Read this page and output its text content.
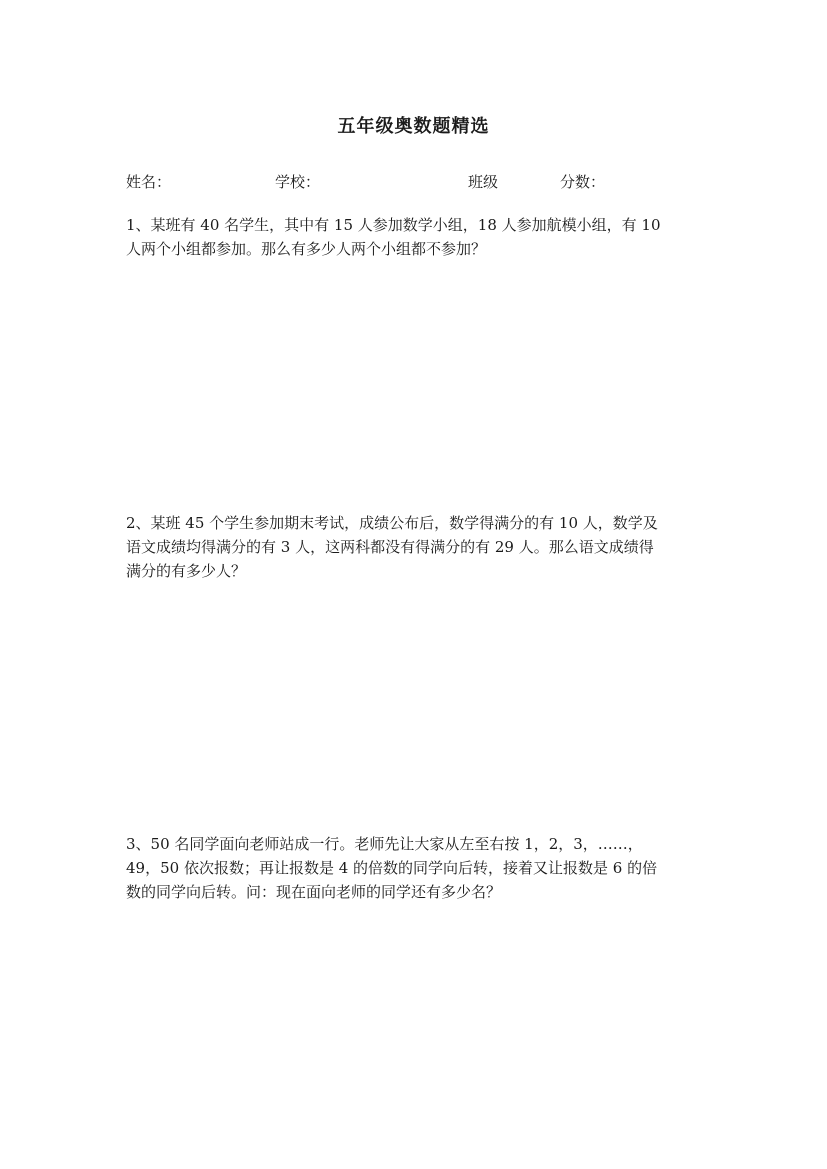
五年级奥数题精选
姓名：	学校：	班级	分数：
1、某班有 40 名学生，其中有 15 人参加数学小组，18 人参加航模小组，有 10
人两个小组都参加。那么有多少人两个小组都不参加？
2、某班 45 个学生参加期末考试，成绩公布后，数学得满分的有 10 人，数学及
语文成绩均得满分的有 3 人，这两科都没有得满分的有 29 人。那么语文成绩得
满分的有多少人？
3、50 名同学面向老师站成一行。老师先让大家从左至右按 1，2，3，……，
49，50 依次报数；再让报数是 4 的倍数的同学向后转，接着又让报数是 6 的倍
数的同学向后转。问：现在面向老师的同学还有多少名？
